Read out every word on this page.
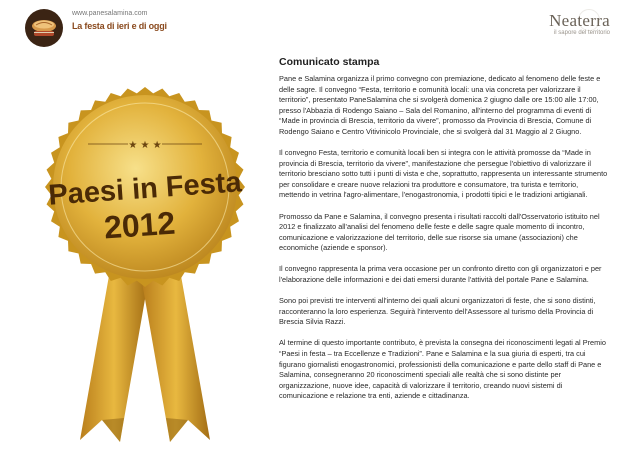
www.panesalamina.com
La festa di ieri e di oggi	Neaterra
il sapore del territorio
★ ★ ★
Paesi in Festa
2012
Comunicato stampa

Pane e Salamina organizza il primo convegno con premiazione, dedicato al fenomeno delle feste e delle sagre. Il convegno “Festa, territorio e comunità locali: una via concreta per valorizzare il territorio”, presentato PaneSalamina che si svolgerà domenica 2 giugno dalle ore 15:00 alle 17:00, presso l'Abbazia di Rodengo Saiano – Sala del Romanino, all'interno del programma di eventi di “Made in provincia di Brescia, territorio da vivere”, promosso da Provincia di Brescia, Comune di Rodengo Saiano e Centro Vitivinicolo Provinciale, che si svolgerà dal 31 Maggio al 2 Giugno.

Il convegno Festa, territorio e comunità locali ben si integra con le attività promosse da “Made in provincia di Brescia, territorio da vivere”, manifestazione che persegue l'obiettivo di valorizzare il territorio bresciano sotto tutti i punti di vista e che, soprattutto, rappresenta un interessante strumento per consolidare e creare nuove relazioni tra produttore e consumatore, tra turista e territorio, mettendo in vetrina l'agro-alimentare, l'enogastronomia, i prodotti tipici e le tradizioni artigianali.

Promosso da Pane e Salamina, il convegno presenta i risultati raccolti dall'Osservatorio istituito nel 2012 e finalizzato all'analisi del fenomeno delle feste e delle sagre quale momento di incontro, comunicazione e valorizzazione del territorio, delle sue risorse sia umane (associazioni) che economiche (aziende e sponsor).

Il convegno rappresenta la prima vera occasione per un confronto diretto con gli organizzatori e per l'elaborazione delle informazioni e dei dati emersi durante l'attività del portale Pane e Salamina.

Sono poi previsti tre interventi all'interno dei quali alcuni organizzatori di feste, che si sono distinti, racconteranno la loro esperienza. Seguirà l'intervento dell'Assessore al turismo della Provincia di Brescia Silvia Razzi.

Al termine di questo importante contributo, è prevista la consegna dei riconoscimenti legati al Premio “Paesi in festa – tra Eccellenze e Tradizioni”. Pane e Salamina e la sua giuria di esperti, tra cui figurano giornalisti enogastronomici, professionisti della comunicazione e parte dello staff di Pane e Salamina, consegneranno 20 riconoscimenti speciali alle realtà che si sono distinte per organizzazione, nuove idee, capacità di valorizzare il territorio, creando nuovi sistemi di comunicazione e relazione tra enti, aziende e cittadinanza.
